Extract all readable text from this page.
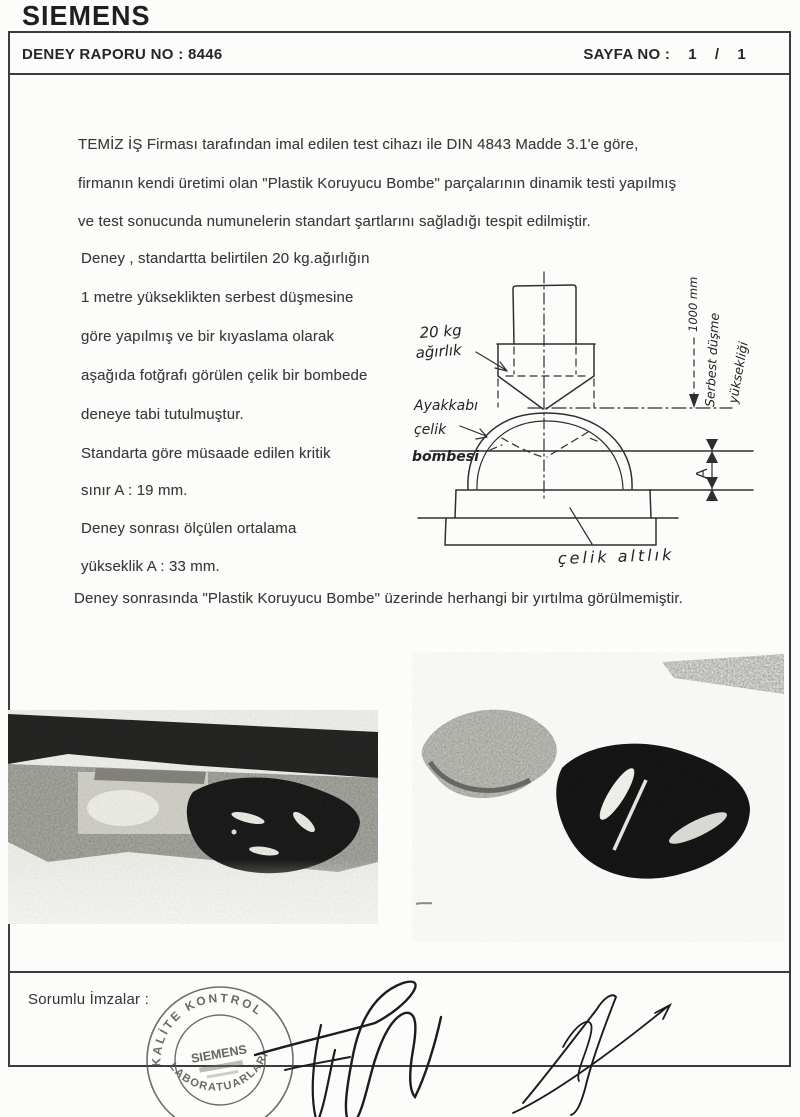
SIEMENS
DENEY RAPORU NO : 8446	SAYFA NO : 1 / 1
TEMİZ İŞ Firması tarafından imal edilen test cihazı ile DIN 4843 Madde 3.1'e göre,
firmanın kendi üretimi olan "Plastik Koruyucu Bombe" parçalarının dinamik testi yapılmış
ve test sonucunda numunelerin standart şartlarını sağladığı tespit edilmiştir.
Deney , standartta belirtilen 20 kg.ağırlığın
1 metre yükseklikten serbest düşmesine
göre yapılmış ve bir kıyaslama olarak
aşağıda fotğrafı görülen çelik bir bombede
deneye tabi tutulmuştur.
Standarta göre müsaade edilen kritik
sınır A : 19 mm.
Deney sonrası ölçülen ortalama
yükseklik A : 33 mm.
Deney sonrasında "Plastik Koruyucu Bombe" üzerinde herhangi bir yırtılma görülmemiştir.
20 kg
ağırlık
Ayakkabı
çelik
bombesi
çelik altlık
1000 mm
Serbest düşme yüksekliği
A
Sorumlu İmzalar :
KALİTE KONTROL
LABORATUARLARI
SIEMENS
